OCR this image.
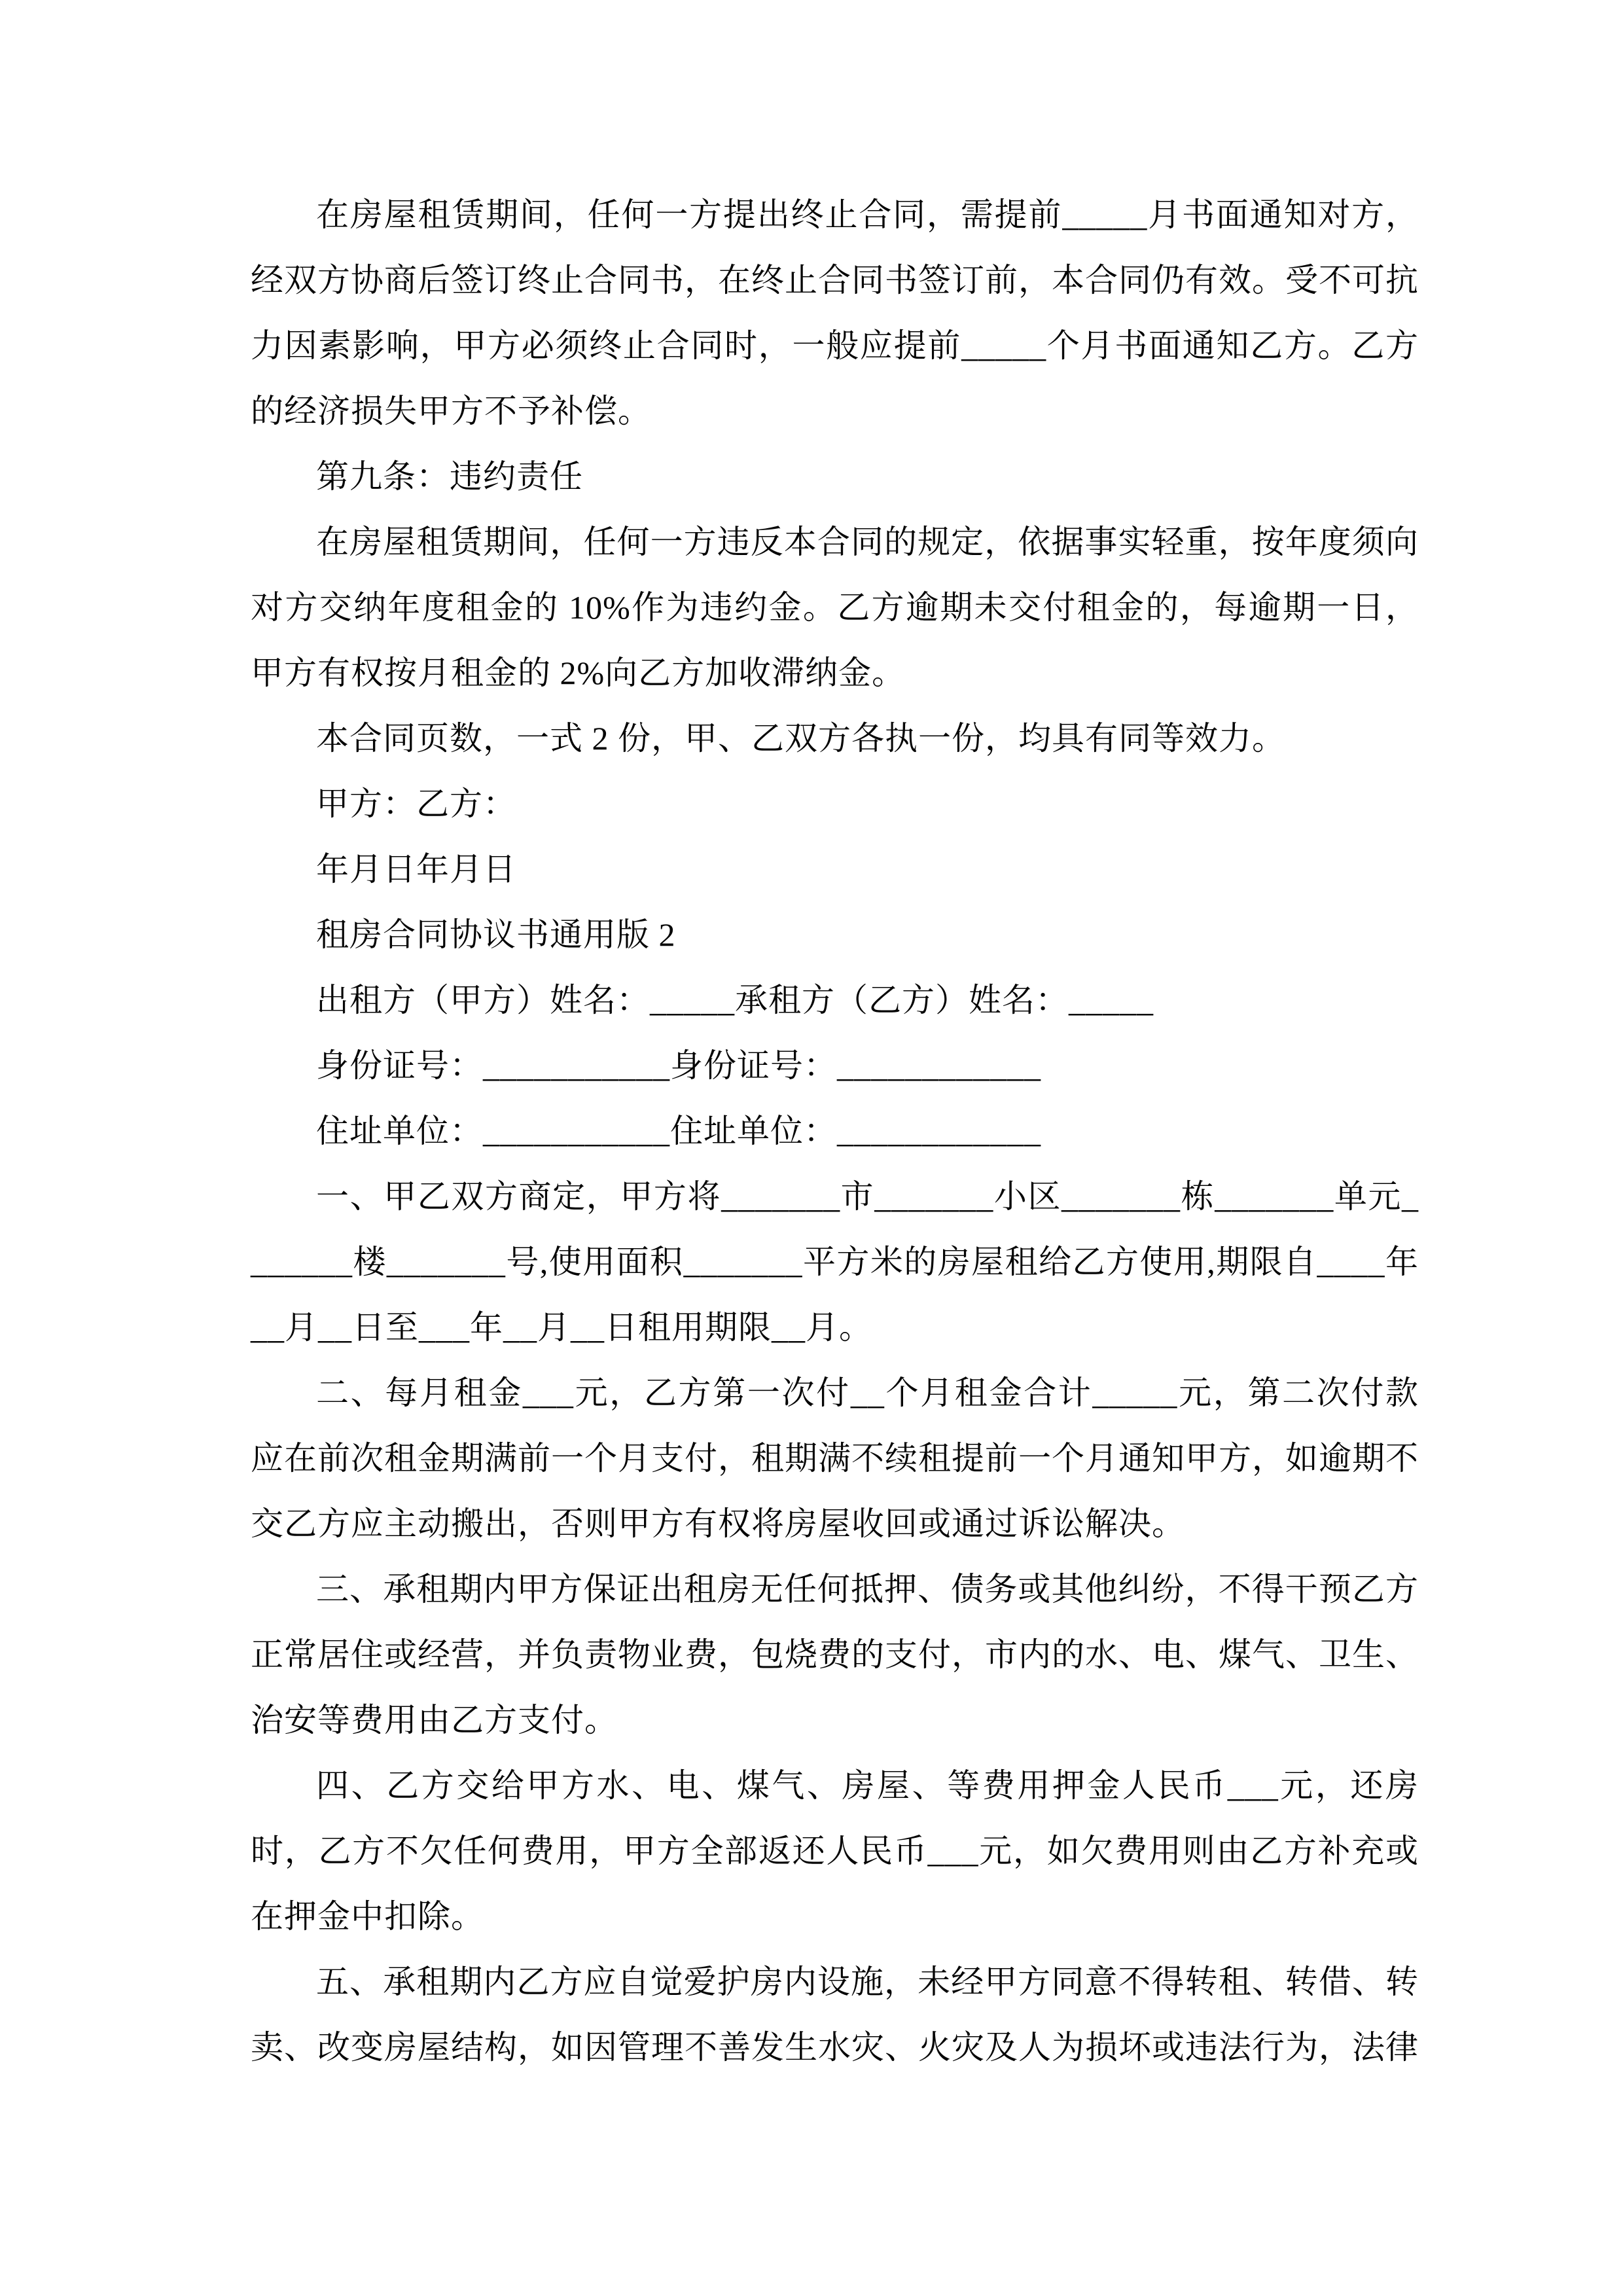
在房屋租赁期间，任何一方提出终止合同，需提前_____月书面通知对方，经双方协商后签订终止合同书，在终止合同书签订前，本合同仍有效。受不可抗力因素影响，甲方必须终止合同时，一般应提前_____个月书面通知乙方。乙方的经济损失甲方不予补偿。

第九条：违约责任

在房屋租赁期间，任何一方违反本合同的规定，依据事实轻重，按年度须向对方交纳年度租金的 10%作为违约金。乙方逾期未交付租金的，每逾期一日，甲方有权按月租金的 2%向乙方加收滞纳金。

本合同页数，一式 2 份，甲、乙双方各执一份，均具有同等效力。

甲方：乙方：

年月日年月日

租房合同协议书通用版 2

出租方（甲方）姓名：_____承租方（乙方）姓名：_____

身份证号：___________身份证号：____________

住址单位：___________住址单位：____________

一、甲乙双方商定，甲方将_______市_______小区_______栋_______单元_______楼_______号,使用面积_______平方米的房屋租给乙方使用,期限自____年__月__日至___年__月__日租用期限__月。

二、每月租金___元，乙方第一次付__个月租金合计_____元，第二次付款应在前次租金期满前一个月支付，租期满不续租提前一个月通知甲方，如逾期不交乙方应主动搬出，否则甲方有权将房屋收回或通过诉讼解决。

三、承租期内甲方保证出租房无任何抵押、债务或其他纠纷，不得干预乙方正常居住或经营，并负责物业费，包烧费的支付，市内的水、电、煤气、卫生、治安等费用由乙方支付。

四、乙方交给甲方水、电、煤气、房屋、等费用押金人民币___元，还房时，乙方不欠任何费用，甲方全部返还人民币___元，如欠费用则由乙方补充或在押金中扣除。

五、承租期内乙方应自觉爱护房内设施，未经甲方同意不得转租、转借、转卖、改变房屋结构，如因管理不善发生水灾、火灾及人为损坏或违法行为，法律
